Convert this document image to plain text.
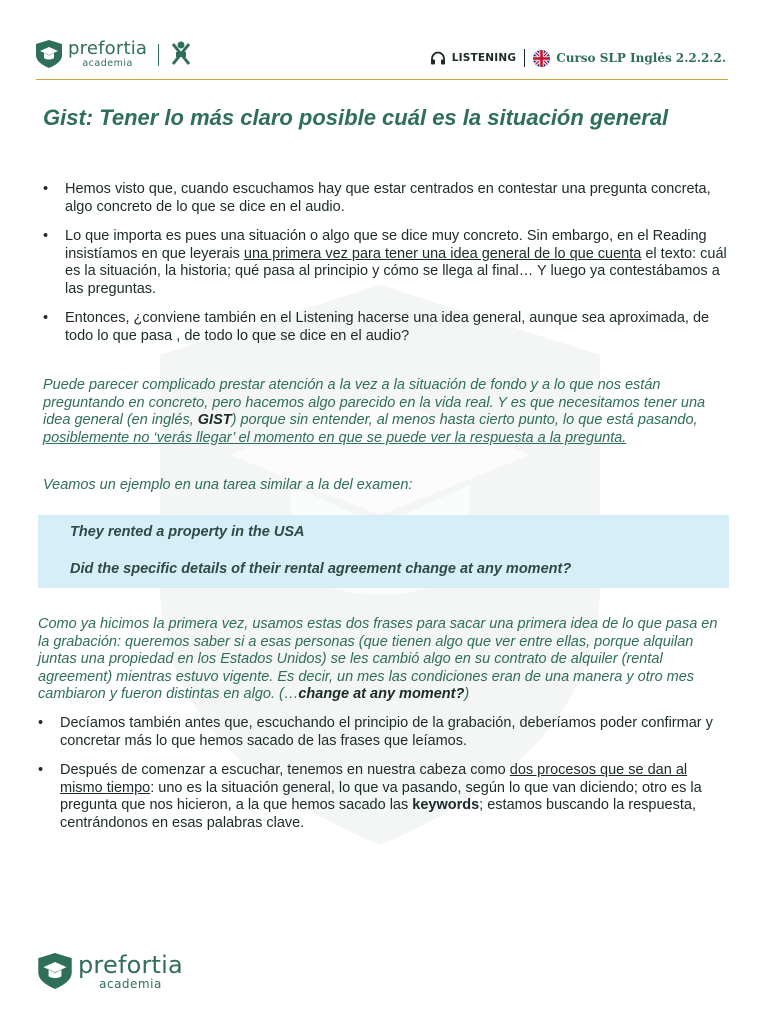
prefortia
academia	LISTENING	Curso SLP Inglés 2.2.2.2.
Gist: Tener lo más claro posible cuál es la situación general
• Hemos visto que, cuando escuchamos hay que estar centrados en contestar una pregunta concreta, algo concreto de lo que se dice en el audio.
• Lo que importa es pues una situación o algo que se dice muy concreto. Sin embargo, en el Reading insistíamos en que leyerais una primera vez para tener una idea general de lo que cuenta el texto: cuál es la situación, la historia; qué pasa al principio y cómo se llega al final… Y luego ya contestábamos a las preguntas.
• Entonces, ¿conviene también en el Listening hacerse una idea general, aunque sea aproximada, de todo lo que pasa , de todo lo que se dice en el audio?

Puede parecer complicado prestar atención a la vez a la situación de fondo y a lo que nos están preguntando en concreto, pero hacemos algo parecido en la vida real. Y es que necesitamos tener una idea general (en inglés, GIST) porque sin entender, al menos hasta cierto punto, lo que está pasando, posiblemente no ‘verás llegar’ el momento en que se puede ver la respuesta a la pregunta.

Veamos un ejemplo en una tarea similar a la del examen:

They rented a property in the USA

Did the specific details of their rental agreement change at any moment?

Como ya hicimos la primera vez, usamos estas dos frases para sacar una primera idea de lo que pasa en la grabación: queremos saber si a esas personas (que tienen algo que ver entre ellas, porque alquilan juntas una propiedad en los Estados Unidos) se les cambió algo en su contrato de alquiler (rental agreement) mientras estuvo vigente. Es decir, un mes las condiciones eran de una manera y otro mes cambiaron y fueron distintas en algo. (…change at any moment?)

• Decíamos también antes que, escuchando el principio de la grabación, deberíamos poder confirmar y concretar más lo que hemos sacado de las frases que leíamos.
• Después de comenzar a escuchar, tenemos en nuestra cabeza como dos procesos que se dan al mismo tiempo: uno es la situación general, lo que va pasando, según lo que van diciendo; otro es la pregunta que nos hicieron, a la que hemos sacado las keywords; estamos buscando la respuesta, centrándonos en esas palabras clave.
prefortia
academia
